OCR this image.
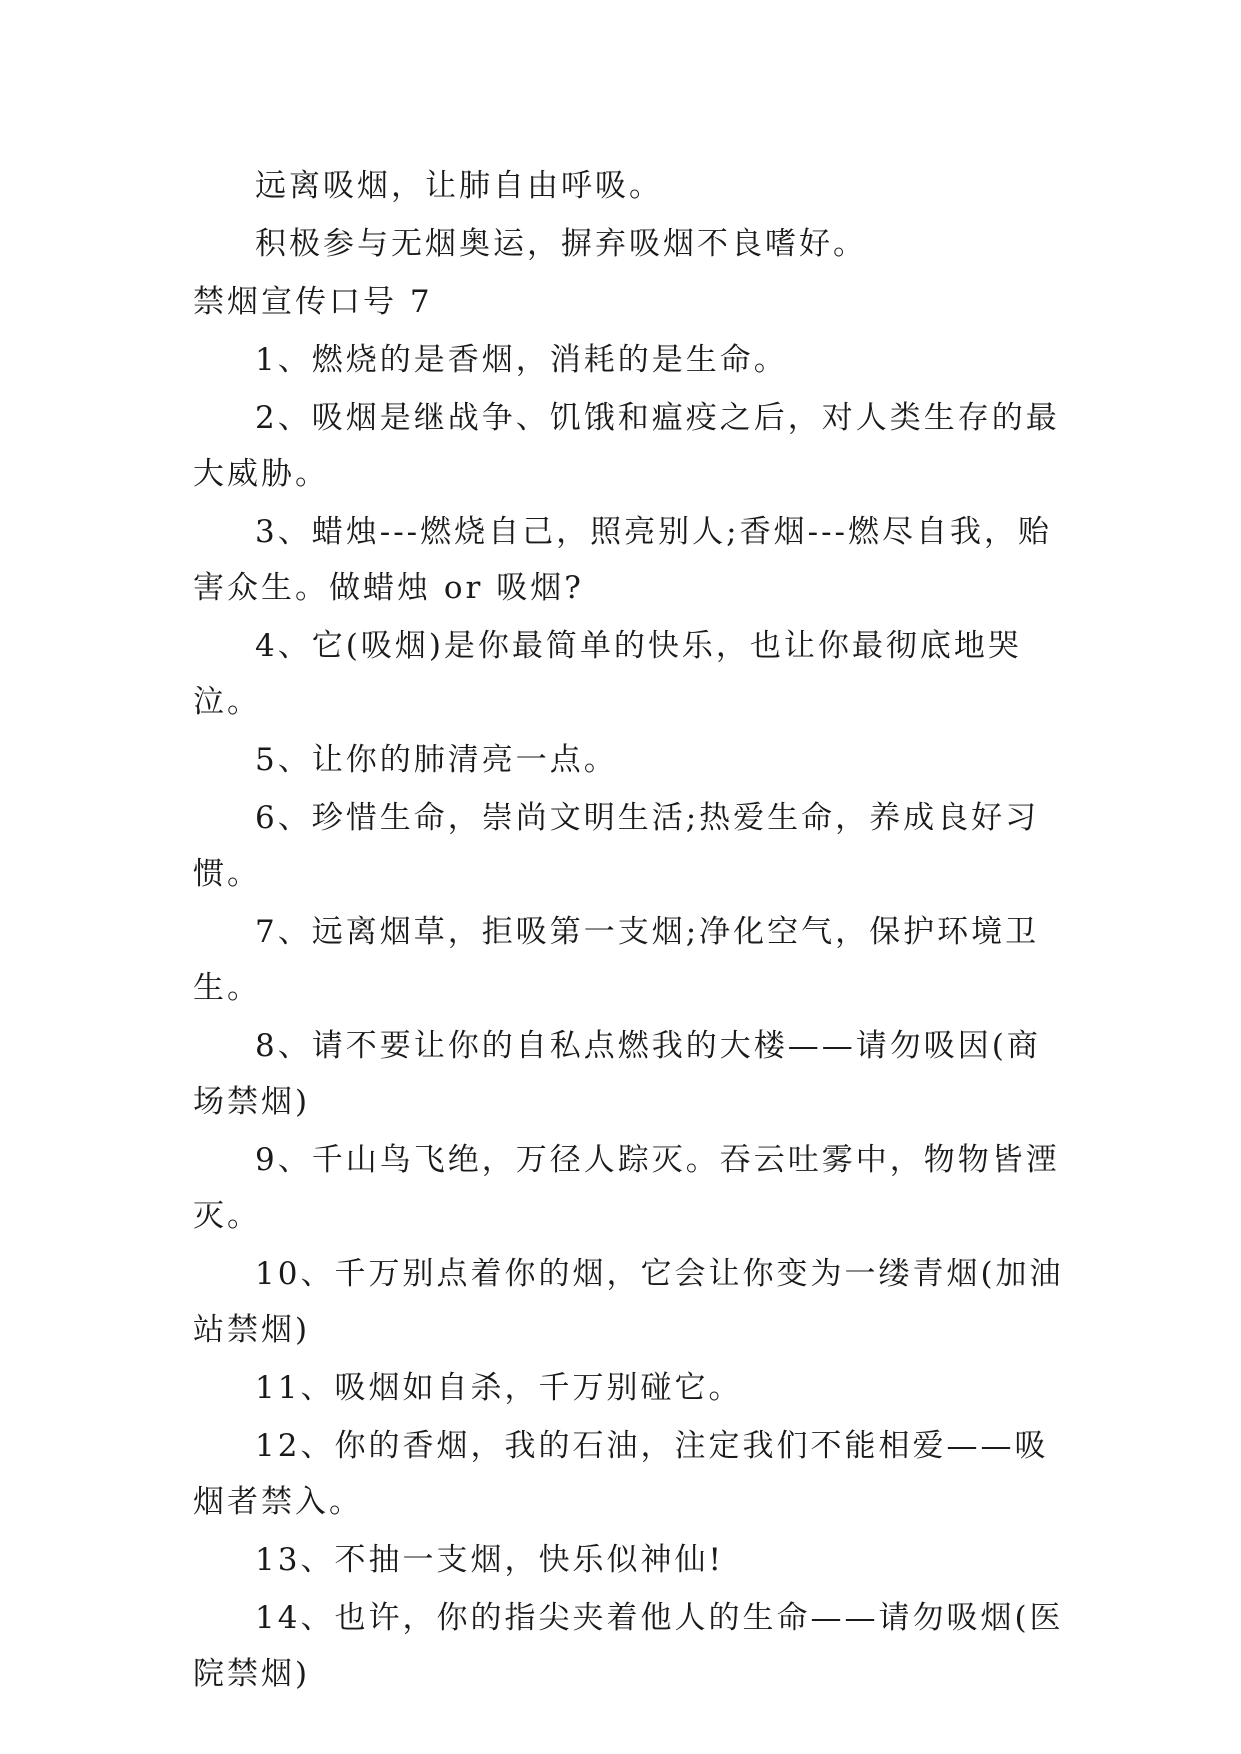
远离吸烟，让肺自由呼吸。

积极参与无烟奥运，摒弃吸烟不良嗜好。

禁烟宣传口号 7

1、燃烧的是香烟，消耗的是生命。

2、吸烟是继战争、饥饿和瘟疫之后，对人类生存的最大威胁。

3、蜡烛---燃烧自己，照亮别人;香烟---燃尽自我，贻害众生。做蜡烛 or 吸烟?

4、它(吸烟)是你最简单的快乐，也让你最彻底地哭泣。

5、让你的肺清亮一点。

6、珍惜生命，崇尚文明生活;热爱生命，养成良好习惯。

7、远离烟草，拒吸第一支烟;净化空气，保护环境卫生。

8、请不要让你的自私点燃我的大楼——请勿吸因(商场禁烟)

9、千山鸟飞绝，万径人踪灭。吞云吐雾中，物物皆湮灭。

10、千万别点着你的烟，它会让你变为一缕青烟(加油站禁烟)

11、吸烟如自杀，千万别碰它。

12、你的香烟，我的石油，注定我们不能相爱——吸烟者禁入。

13、不抽一支烟，快乐似神仙!

14、也许，你的指尖夹着他人的生命——请勿吸烟(医院禁烟)
